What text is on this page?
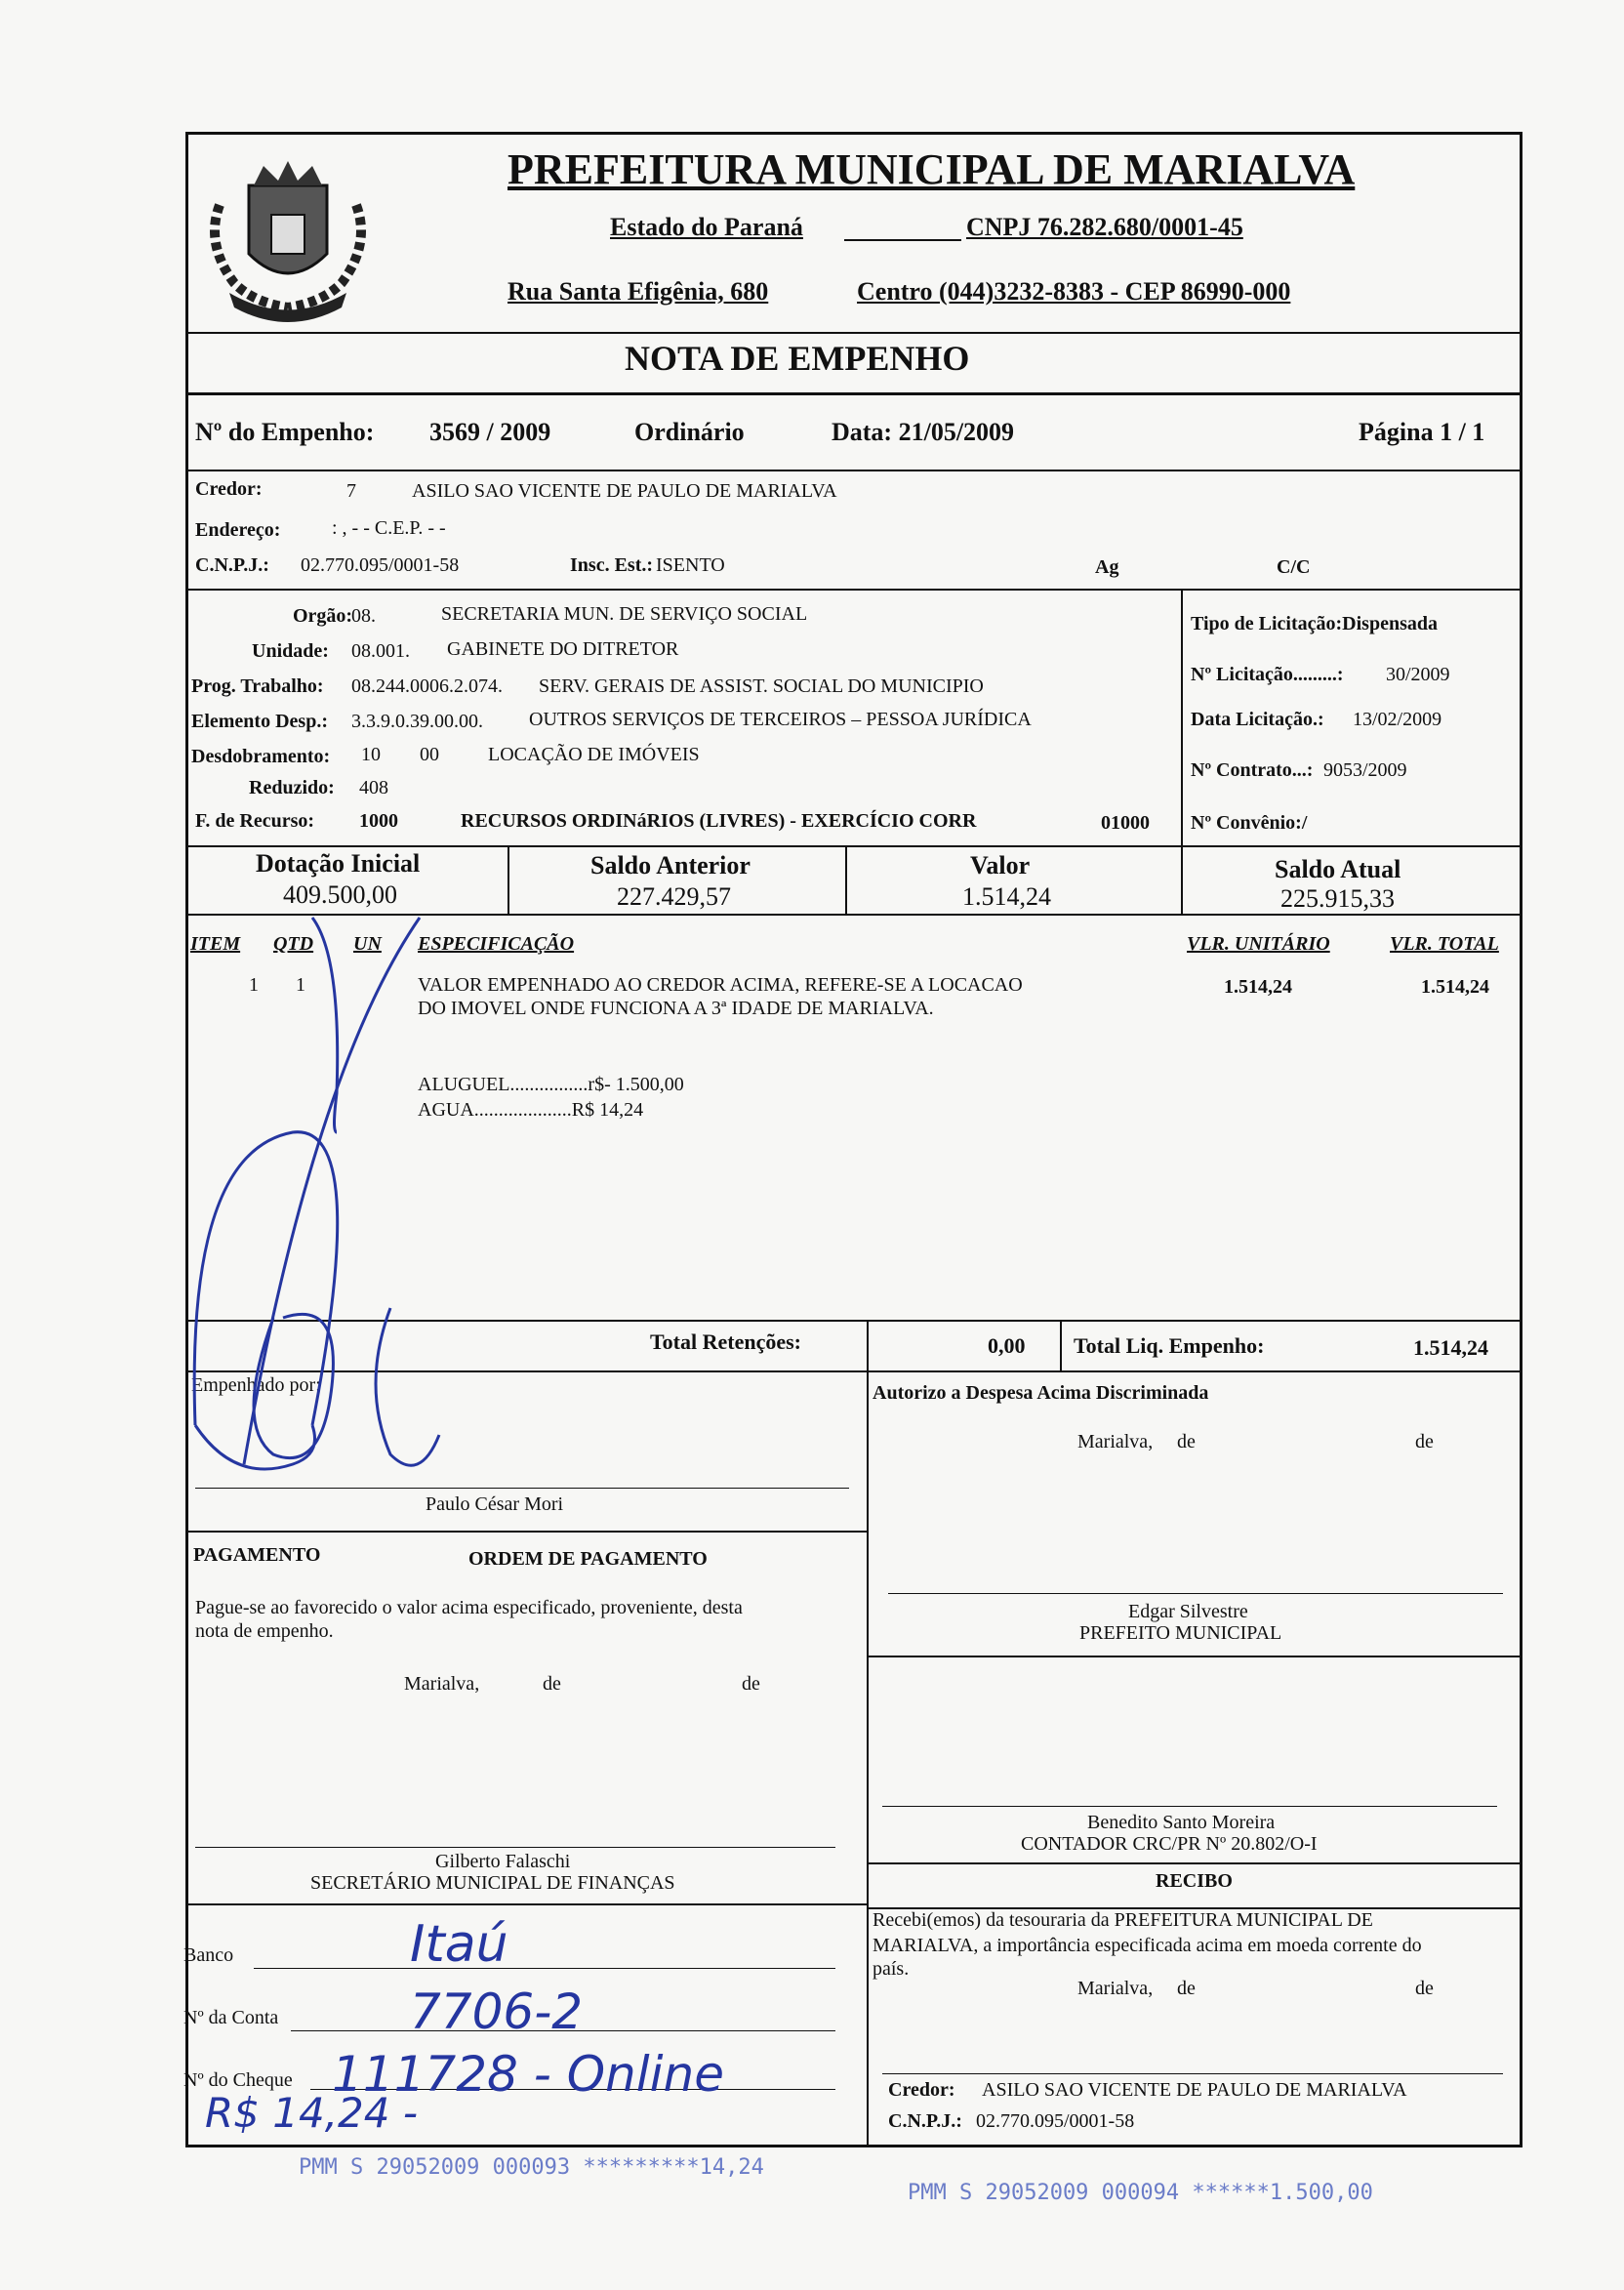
PREFEITURA MUNICIPAL DE MARIALVA
Estado do Paraná	CNPJ 76.282.680/0001-45
Rua Santa Efigênia, 680	Centro (044)3232-8383 - CEP 86990-000
NOTA DE EMPENHO
Nº do Empenho: 3569 / 2009	Ordinário	Data: 21/05/2009	Página 1 / 1
Credor:	7	ASILO SAO VICENTE DE PAULO DE MARIALVA
Endereço:	: , - - C.E.P. - -
C.N.P.J.: 02.770.095/0001-58	Insc. Est.: ISENTO	Ag	C/C
Orgão:
08.	SECRETARIA MUN. DE SERVIÇO SOCIAL
Unidade: 08.001. GABINETE DO DITRETOR
Prog. Trabalho: 08.244.0006.2.074. SERV. GERAIS DE ASSIST. SOCIAL DO MUNICIPIO
Elemento Desp.: 3.3.9.0.39.00.00. OUTROS SERVIÇOS DE TERCEIROS – PESSOA JURÍDICA
Desdobramento: 10 00	LOCAÇÃO DE IMÓVEIS
Reduzido: 408
F. de Recurso: 1000	RECURSOS ORDINáRIOS (LIVRES) - EXERCÍCIO CORR	01000
Tipo de Licitação:Dispensada
Nº Licitação.........: 30/2009
Data Licitação.: 13/02/2009
Nº Contrato...: 9053/2009
Nº Convênio:/
Dotação Inicial
409.500,00
Saldo Anterior
227.429,57
Valor
1.514,24
Saldo Atual
225.915,33
ITEM QTD UN ESPECIFICAÇÃO	VLR. UNITÁRIO	VLR. TOTAL
1 1	VALOR EMPENHADO AO CREDOR ACIMA, REFERE-SE A LOCACAO
DO IMOVEL ONDE FUNCIONA A 3ª IDADE DE MARIALVA.
1.514,24	1.514,24
ALUGUEL................r$- 1.500,00
AGUA....................R$ 14,24
Total Retenções:	0,00 Total Liq. Empenho:	1.514,24
Empenhado por:
Paulo César Mori
Autorizo a Despesa Acima Discriminada
Marialva, de	de
Edgar Silvestre
PREFEITO MUNICIPAL
PAGAMENTO	ORDEM DE PAGAMENTO
Pague-se ao favorecido o valor acima especificado, proveniente, desta
nota de empenho.
Marialva,	de	de
Benedito Santo Moreira
CONTADOR CRC/PR Nº 20.802/O-I
Gilberto Falaschi
SECRETÁRIO MUNICIPAL DE FINANÇAS	RECIBO
Recebi(emos) da tesouraria da PREFEITURA MUNICIPAL DE
MARIALVA, a importância especificada acima em moeda corrente do
país.
Marialva, de	de
Credor: ASILO SAO VICENTE DE PAULO DE MARIALVA
C.N.P.J.: 02.770.095/0001-58
Banco	Itaú
Nº da Conta	7706-2
Nº do Cheque 111728 - Online
R$ 14,24 -
PMM S 29052009 000093 *********14,24
PMM S 29052009 000094 ******1.500,00
